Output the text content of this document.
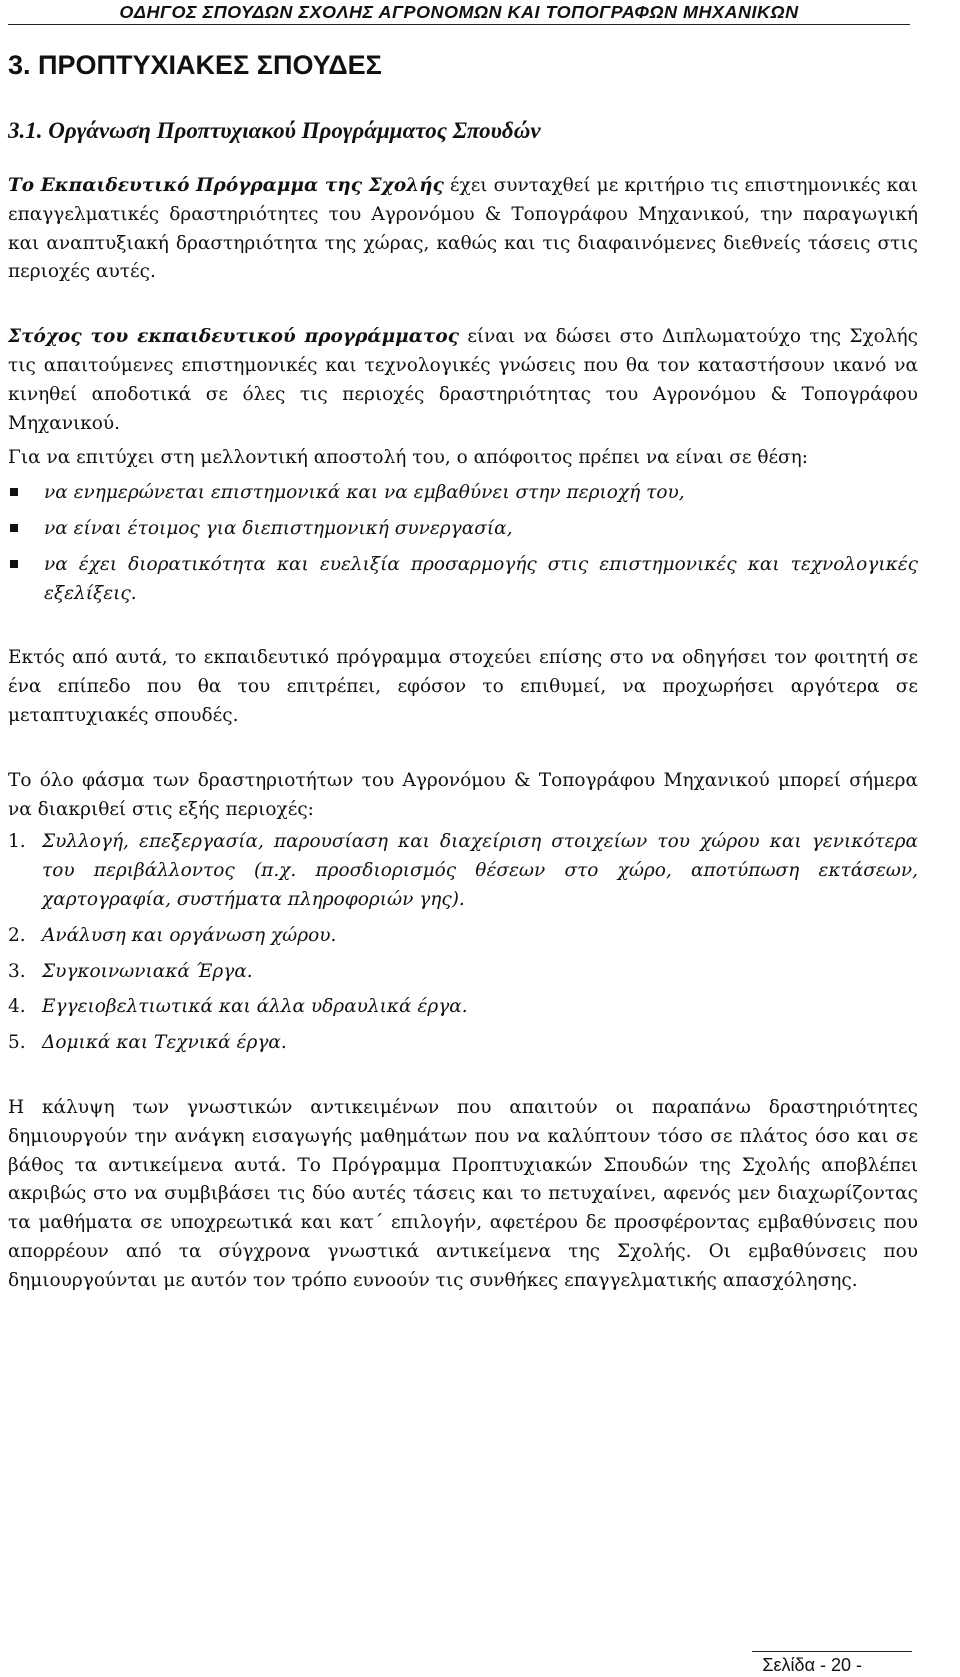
ΟΔΗΓΟΣ ΣΠΟΥΔΩΝ ΣΧΟΛΗΣ ΑΓΡΟΝΟΜΩΝ ΚΑΙ ΤΟΠΟΓΡΑΦΩΝ ΜΗΧΑΝΙΚΩΝ
3. ΠΡΟΠΤΥΧΙΑΚΕΣ ΣΠΟΥΔΕΣ
3.1. Οργάνωση Προπτυχιακού Προγράμματος Σπουδών

Το Εκπαιδευτικό Πρόγραμμα της Σχολής έχει συνταχθεί με κριτήριο τις επιστημονικές και επαγγελματικές δραστηριότητες του Αγρονόμου & Τοπογράφου Μηχανικού, την παραγωγική και αναπτυξιακή δραστηριότητα της χώρας, καθώς και τις διαφαινόμενες διεθνείς τάσεις στις περιοχές αυτές.

Στόχος του εκπαιδευτικού προγράμματος είναι να δώσει στο Διπλωματούχο της Σχολής τις απαιτούμενες επιστημονικές και τεχνολογικές γνώσεις που θα τον καταστήσουν ικανό να κινηθεί αποδοτικά σε όλες τις περιοχές δραστηριότητας του Αγρονόμου & Τοπογράφου Μηχανικού.

Για να επιτύχει στη μελλοντική αποστολή του, ο απόφοιτος πρέπει να είναι σε θέση:

να ενημερώνεται επιστημονικά και να εμβαθύνει στην περιοχή του,
να είναι έτοιμος για διεπιστημονική συνεργασία,
να έχει διορατικότητα και ευελιξία προσαρμογής στις επιστημονικές και τεχνολογικές εξελίξεις.

Εκτός από αυτά, το εκπαιδευτικό πρόγραμμα στοχεύει επίσης στο να οδηγήσει τον φοιτητή σε ένα επίπεδο που θα του επιτρέπει, εφόσον το επιθυμεί, να προχωρήσει αργότερα σε μεταπτυχιακές σπουδές.

Το όλο φάσμα των δραστηριοτήτων του Αγρονόμου & Τοπογράφου Μηχανικού μπορεί σήμερα να διακριθεί στις εξής περιοχές:

1. Συλλογή, επεξεργασία, παρουσίαση και διαχείριση στοιχείων του χώρου και γενικότερα του περιβάλλοντος (π.χ. προσδιορισμός θέσεων στο χώρο, αποτύπωση εκτάσεων, χαρτογραφία, συστήματα πληροφοριών γης).
2. Ανάλυση και οργάνωση χώρου.
3. Συγκοινωνιακά Έργα.
4. Εγγειοβελτιωτικά και άλλα υδραυλικά έργα.
5. Δομικά και Τεχνικά έργα.

Η κάλυψη των γνωστικών αντικειμένων που απαιτούν οι παραπάνω δραστηριότητες δημιουργούν την ανάγκη εισαγωγής μαθημάτων που να καλύπτουν τόσο σε πλάτος όσο και σε βάθος τα αντικείμενα αυτά. Το Πρόγραμμα Προπτυχιακών Σπουδών της Σχολής αποβλέπει ακριβώς στο να συμβιβάσει τις δύο αυτές τάσεις και το πετυχαίνει, αφενός μεν διαχωρίζοντας τα μαθήματα σε υποχρεωτικά και κατ΄ επιλογήν, αφετέρου δε προσφέροντας εμβαθύνσεις που απορρέουν από τα σύγχρονα γνωστικά αντικείμενα της Σχολής. Οι εμβαθύνσεις που δημιουργούνται με αυτόν τον τρόπο ευνοούν τις συνθήκες επαγγελματικής απασχόλησης.

Σελίδα - 20 -
